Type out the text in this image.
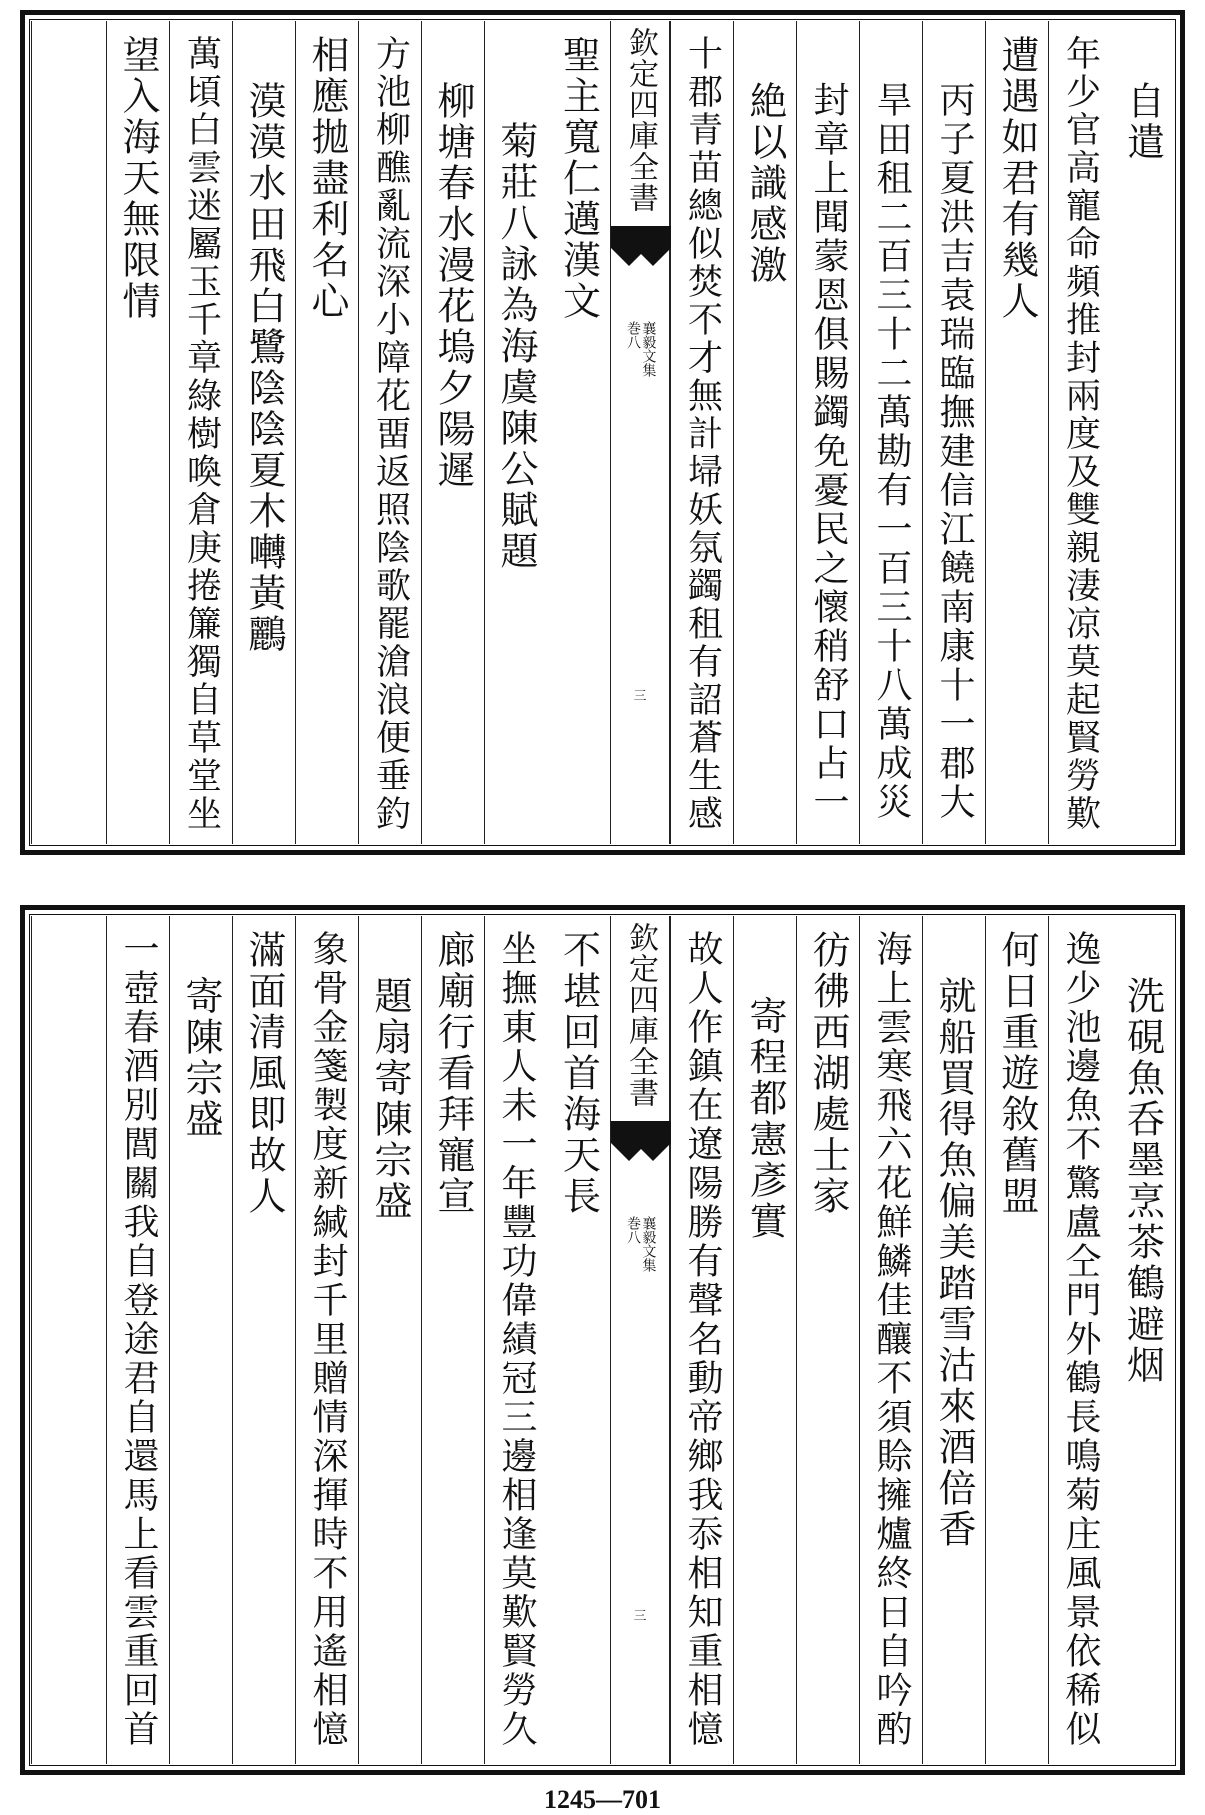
自遣
年少官高寵命頻推封兩度及雙親淒凉莫起賢勞歎
遭遇如君有幾人
丙子夏洪吉袁瑞臨撫建信江饒南康十一郡大
旱田租二百三十二萬勘有一百三十八萬成災
封章上聞蒙恩俱賜蠲免憂民之懷稍舒口占一
絶以識感激
十郡青苗總似焚不才無計埽妖氛蠲租有詔蒼生感
欽定四庫全書
襄毅文集
巻八
三
聖主寬仁邁漢文
菊莊八詠為海虞陳公賦題
柳塘春水漫花塢夕陽遲
方池柳醮亂流深小障花畱返照陰歌罷滄浪便垂釣
相應拋盡利名心
漠漠水田飛白鷺陰陰夏木囀黃鸝
萬頃白雲迷屬玉千章綠樹喚倉庚捲簾獨自草堂坐
望入海天無限情
洗硯魚呑墨烹茶鶴避烟
逸少池邊魚不驚盧仝門外鶴長鳴菊庄風景依稀似
何日重遊敘舊盟
就船買得魚偏美踏雪沽來酒倍香
海上雲寒飛六花鮮鱗佳釀不須賒擁爐終日自吟酌
彷彿西湖處士家
寄程都憲彥實
故人作鎮在遼陽勝有聲名動帝鄉我忝相知重相憶
欽定四庫全書
襄毅文集
巻八
三
不堪回首海天長
坐撫東人未一年豐功偉績冠三邊相逢莫歎賢勞久
廊廟行看拜寵宣
題扇寄陳宗盛
象骨金箋製度新緘封千里贈情深揮時不用遙相憶
滿面清風即故人
寄陳宗盛
一壺春酒別閭關我自登途君自還馬上看雲重回首
1245—701
